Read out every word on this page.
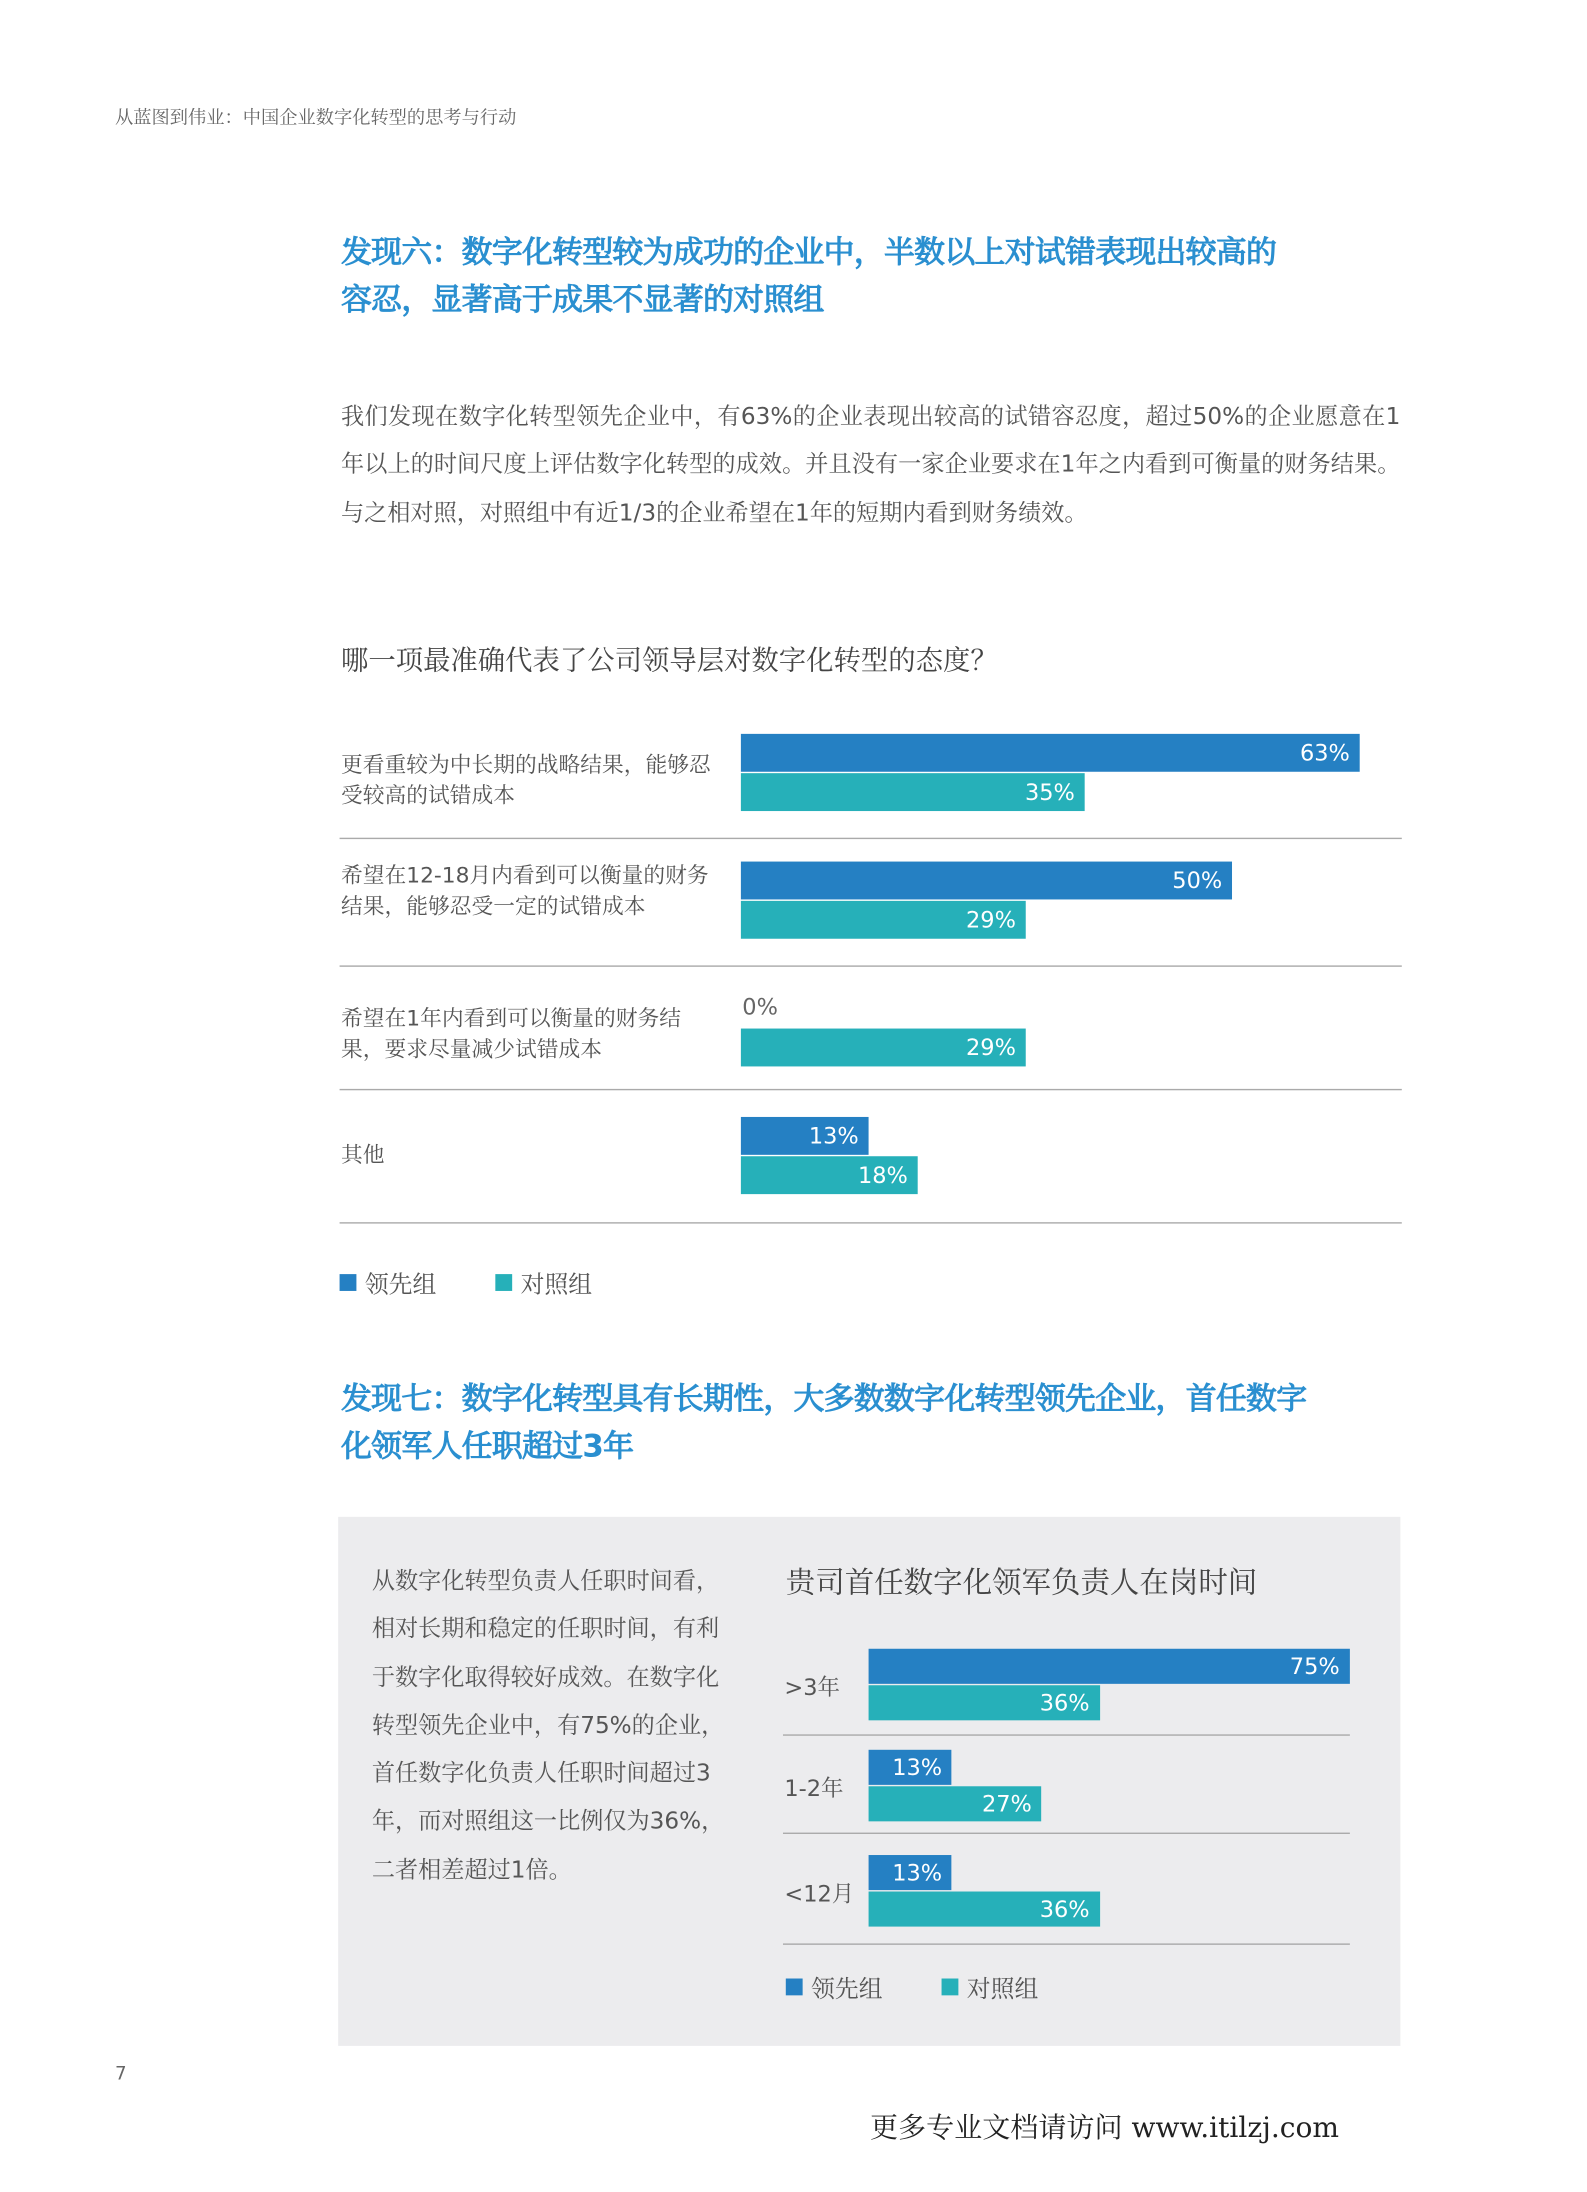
从蓝图到伟业：中国企业数字化转型的思考与行动
发现六：数字化转型较为成功的企业中，半数以上对试错表现出较高的
容忍，显著高于成果不显著的对照组
我们发现在数字化转型领先企业中，有63%的企业表现出较高的试错容忍度，超过50%的企业愿意在1年以上的时间尺度上评估数字化转型的成效。并且没有一家企业要求在1年之内看到可衡量的财务结果。与之相对照，对照组中有近1/3的企业希望在1年的短期内看到财务绩效。
哪一项最准确代表了公司领导层对数字化转型的态度？
更看重较为中长期的战略结果，能够忍受较高的试错成本
63%
35%
希望在12-18月内看到可以衡量的财务结果，能够忍受一定的试错成本
50%
29%
希望在1年内看到可以衡量的财务结果，要求尽量减少试错成本
0%
29%
其他
13%
18%
领先组	对照组
发现七：数字化转型具有长期性，大多数数字化转型领先企业，首任数字
化领军人任职超过3年
从数字化转型负责人任职时间看，相对长期和稳定的任职时间，有利于数字化取得较好成效。在数字化转型领先企业中，有75%的企业，首任数字化负责人任职时间超过3年，而对照组这一比例仅为36%，二者相差超过1倍。
贵司首任数字化领军负责人在岗时间
>3年
75%
36%
1-2年
13%
27%
<12月
13%
36%
领先组	对照组
7
更多专业文档请访问 www.itilzj.com
